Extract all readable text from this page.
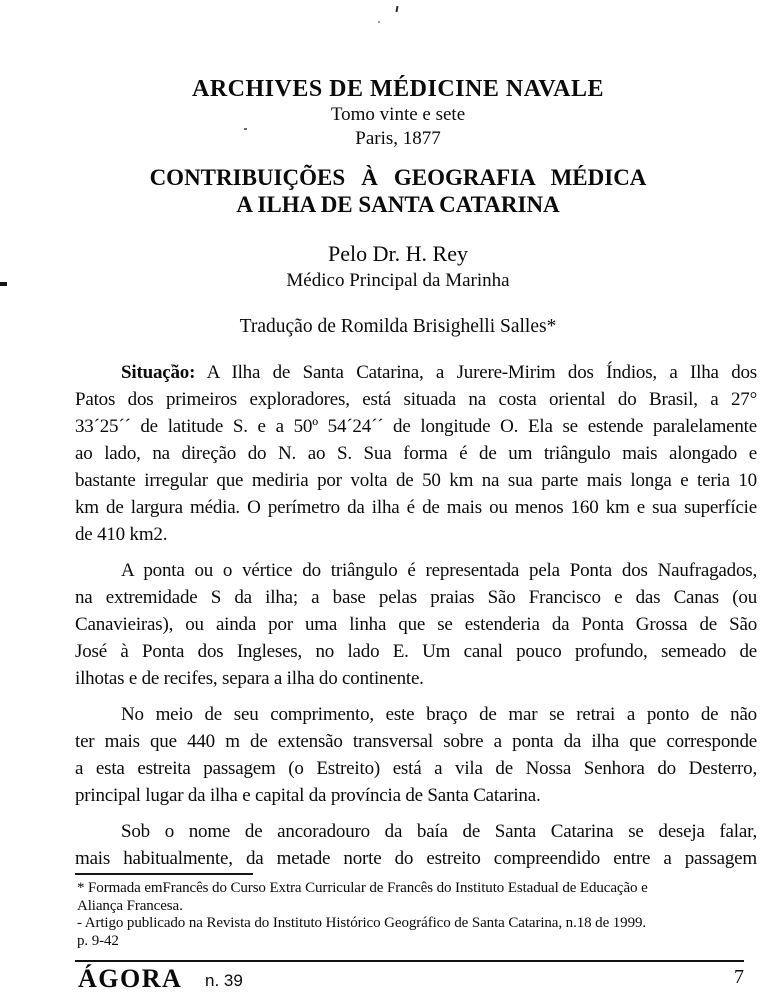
ARCHIVES DE MÉDICINE NAVALE
Tomo vinte e sete
Paris, 1877
CONTRIBUIÇÕES À GEOGRAFIA MÉDICA
A ILHA DE SANTA CATARINA
Pelo Dr. H. Rey
Médico Principal da Marinha
Tradução de Romilda Brisighelli Salles*
Situação: A Ilha de Santa Catarina, a Jurere-Mirim dos Índios, a Ilha dos
Patos dos primeiros exploradores, está situada na costa oriental do Brasil, a 27°
33´25´´ de latitude S. e a 50º 54´24´´ de longitude O. Ela se estende paralelamente
ao lado, na direção do N. ao S. Sua forma é de um triângulo mais alongado e
bastante irregular que mediria por volta de 50 km na sua parte mais longa e teria 10
km de largura média. O perímetro da ilha é de mais ou menos 160 km e sua superfície
de 410 km2.
A ponta ou o vértice do triângulo é representada pela Ponta dos Naufragados,
na extremidade S da ilha; a base pelas praias São Francisco e das Canas (ou
Canavieiras), ou ainda por uma linha que se estenderia da Ponta Grossa de São
José à Ponta dos Ingleses, no lado E. Um canal pouco profundo, semeado de
ilhotas e de recifes, separa a ilha do continente.
No meio de seu comprimento, este braço de mar se retrai a ponto de não
ter mais que 440 m de extensão transversal sobre a ponta da ilha que corresponde
a esta estreita passagem (o Estreito) está a vila de Nossa Senhora do Desterro,
principal lugar da ilha e capital da província de Santa Catarina.
Sob o nome de ancoradouro da baía de Santa Catarina se deseja falar,
mais habitualmente, da metade norte do estreito compreendido entre a passagem
* Formada emFrancês do Curso Extra Curricular de Francês do Instituto Estadual de Educação e
Aliança Francesa.
- Artigo publicado na Revista do Instituto Histórico Geográfico de Santa Catarina, n.18 de 1999.
p. 9-42
ÁGORA n. 39	7
